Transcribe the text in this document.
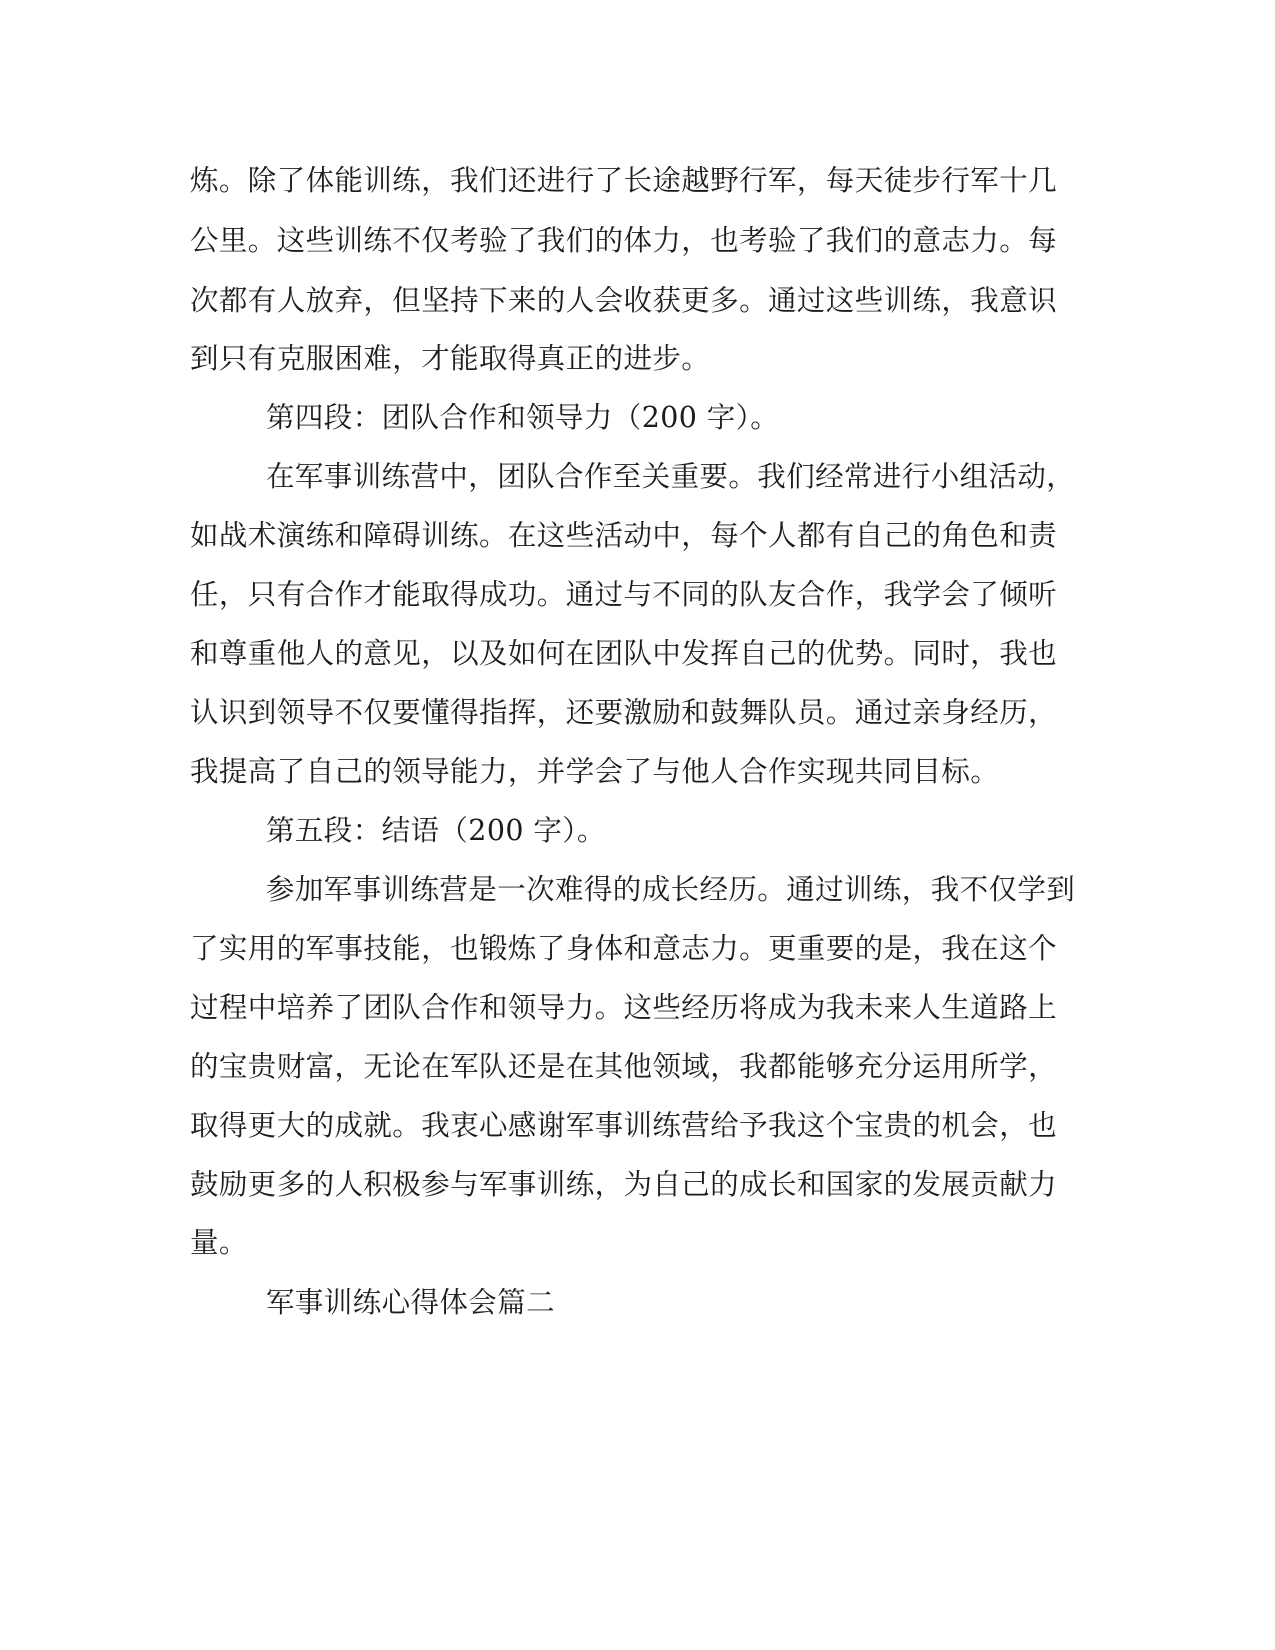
炼。除了体能训练，我们还进行了长途越野行军，每天徒步行军十几
公里。这些训练不仅考验了我们的体力，也考验了我们的意志力。每
次都有人放弃，但坚持下来的人会收获更多。通过这些训练，我意识
到只有克服困难，才能取得真正的进步。
第四段：团队合作和领导力（200 字）。
在军事训练营中，团队合作至关重要。我们经常进行小组活动，
如战术演练和障碍训练。在这些活动中，每个人都有自己的角色和责
任，只有合作才能取得成功。通过与不同的队友合作，我学会了倾听
和尊重他人的意见，以及如何在团队中发挥自己的优势。同时，我也
认识到领导不仅要懂得指挥，还要激励和鼓舞队员。通过亲身经历，
我提高了自己的领导能力，并学会了与他人合作实现共同目标。
第五段：结语（200 字）。
参加军事训练营是一次难得的成长经历。通过训练，我不仅学到
了实用的军事技能，也锻炼了身体和意志力。更重要的是，我在这个
过程中培养了团队合作和领导力。这些经历将成为我未来人生道路上
的宝贵财富，无论在军队还是在其他领域，我都能够充分运用所学，
取得更大的成就。我衷心感谢军事训练营给予我这个宝贵的机会，也
鼓励更多的人积极参与军事训练，为自己的成长和国家的发展贡献力
量。
军事训练心得体会篇二
